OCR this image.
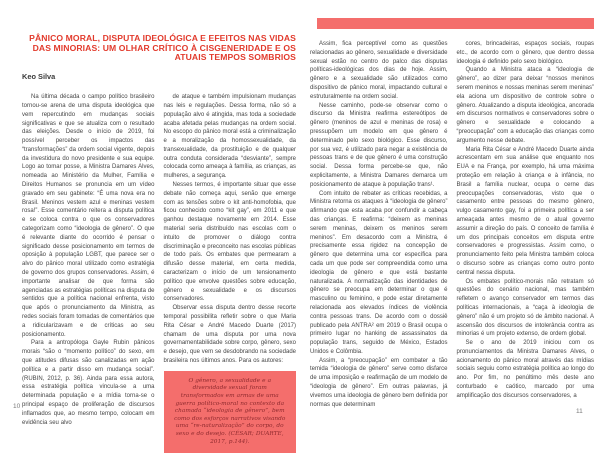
PÂNICO MORAL, DISPUTA IDEOLÓGICA E EFEITOS NAS VIDAS DAS MINORIAS: UM OLHAR CRÍTICO À CISGENERIDADE E OS ATUAIS TEMPOS SOMBRIOS
Keo Silva

Na última década o campo político brasileiro tornou-se arena de uma disputa ideológica que vem repercutindo em mudanças sociais significativas e que se atualiza com o resultado das eleições. Desde o início de 2019, foi possível perceber os impactos das “transformações” da ordem social vigente, depois da investidura do novo presidente e sua equipe. Logo ao tomar posse, a Ministra Damares Alves, nomeada ao Ministério da Mulher, Família e Direitos Humanos se pronuncia em um vídeo gravado em seu gabinete: “É uma nova era no Brasil. Meninos vestem azul e meninas vestem rosa!”. Esse comentário reitera a disputa política e se coloca contra o que os conservadores categorizam como “ideologia de gênero”. O que é relevante diante do ocorrido é pensar o significado desse posicionamento em termos de oposição à população LGBT, que parece ser o alvo do pânico moral utilizado como estratégia de governo dos grupos conservadores. Assim, é importante analisar de que forma são agenciadas as estratégias políticas na disputa de sentidos que a política nacional enfrenta, visto que após o pronunciamento da Ministra, as redes sociais foram tomadas de comentários que a ridicularizavam e de críticas ao seu posicionamento.

Para a antropóloga Gayle Rubin pânicos morais “são o “momento político” do sexo, em que atitudes difusas são canalizadas em ação política e a partir disso em mudança social”. (RUBIN, 2012, p. 36). Ainda para essa autora, essa estratégia política vincula-se a uma determinada população e a mídia torna-se o principal espaço de proliferação de discursos inflamados que, ao mesmo tempo, colocam em evidência seu alvo

de ataque e também impulsionam mudanças nas leis e regulações. Dessa forma, não só a população alvo é atingida, mas toda a sociedade acaba afetada pelas mudanças na ordem social. No escopo do pânico moral está a criminalização e a moralização da homossexualidade, da transexualidade, da prostituição e de qualquer outra conduta considerada “desviante”, sempre colocada como ameaça à família, as crianças, as mulheres, a segurança.

Nesses termos, é importante situar que esse debate não começa aqui, senão que emerge com as tensões sobre o kit anti-homofobia, que ficou conhecido como “kit gay”, em 2011 e que ganhou destaque novamente em 2014. Esse material seria distribuído nas escolas com o intuito de promover o diálogo contra discriminação e preconceito nas escolas públicas de todo país. Os embates que permearam a difusão desse material, em certa medida, caracterizam o início de um tensionamento político que envolve questões sobre educação, gênero e sexualidade e os discursos conservadores.

Observar essa disputa dentro desse recorte temporal possibilita refletir sobre o que Maria Rita César e André Macedo Duarte (2017) chamam de uma disputa por uma nova governamentabilidade sobre corpo, gênero, sexo e desejo, que vem se desdobrando na sociedade brasileira nos últimos anos. Para os autores:

O gênero, a sexualidade e a diversidade sexual foram transformados em armas de uma guerra político-moral no contexto da chamada “ideologia de gênero”, bem como dos esforços narrativos visando uma “re-naturalização” do corpo, do sexo e do desejo. (CÉSAR; DUARTE, 2017, p.144).

Assim, fica perceptível como as questões relacionadas ao gênero, sexualidade e diversidade sexual estão no centro do palco das disputas políticas-ideológicas dos dias de hoje. Assim, gênero e a sexualidade são utilizados como dispositivo de pânico moral, impactando cultural e estruturalmente na ordem social.

Nesse caminho, pode-se observar como o discurso da Ministra reafirma estereótipos de gênero (meninos de azul e meninas de rosa) e pressupõem um modelo em que gênero é determinado pelo sexo biológico. Esse discurso, por sua vez, é utilizado para negar a existência de pessoas trans e de que gênero é uma construção social. Dessa forma percebe-se que, não explicitamente, a Ministra Damares demarca um posicionamento de ataque à população trans¹.

Com intuito de rebater as críticas recebidas, a Ministra retorna os ataques à “ideologia de gênero” afirmando que esta acaba por confundir a cabeça das crianças. E reafirma: “deixem as meninas serem meninas, deixem os meninos serem meninos”. Em desacordo com a Ministra, é precisamente essa rigidez na concepção de gênero que determina uma cor específica para cada um que pode ser compreendida como uma ideologia de gênero e que está bastante naturalizada. A normatização das identidades de gênero se preocupa em determinar o que é masculino ou feminino, e pode estar diretamente relacionada aos elevados índices de violência contra pessoas trans. De acordo com o dossiê publicado pela ANTRA² em 2019 o Brasil ocupa o primeiro lugar no hanking de assassinatos da população trans, seguido de México, Estados Unidos e Colômbia.

Assim, a “preocupação” em combater a tão temida “ideologia de gênero” serve como disfarce de uma imposição e reafirmação de um modelo de “ideologia de gênero”. Em outras palavras, já vivemos uma ideologia de gênero bem definida por normas que determinam

cores, brincadeiras, espaços sociais, roupas etc., de acordo com o gênero, que dentro dessa ideologia é definido pelo sexo biológico.

Quando a Ministra ataca a “ideologia de gênero”, ao dizer para deixar “nossos meninos serem meninos e nossas meninas serem meninas” ela aciona um dispositivo de controle sobre o gênero. Atualizando a disputa ideológica, ancorada em discursos normativos e conservadores sobre o gênero e sexualidade e colocando a “preocupação” com a educação das crianças como argumento nesse debate.

Maria Rita César e André Macedo Duarte ainda acrescentam em sua análise que enquanto nos EUA e na França, por exemplo, há uma máxima proteção em relação à criança e à infância, no Brasil a família nuclear, ocupa o cerne das preocupações conservadoras, visto que o casamento entre pessoas do mesmo gênero, vulgo casamento gay, foi a primeira política a ser ameaçada antes mesmo de o atual governo assumir a direção do país. O conceito de família é um dos principais conceitos em disputa entre conservadores e progressistas. Assim como, o pronunciamento feito pela Ministra também coloca o discurso sobre as crianças como outro ponto central nessa disputa.

Os embates político-morais não retratam só questões do cenário nacional, mas também refletem o avanço conservador em termos das políticas internacionais, a “caça à ideologia de gênero” não é um projeto só de âmbito nacional. A ascensão dos discursos de intolerância contra as minorias é um projeto extenso, de ordem global.

Se o ano de 2019 iniciou com os pronunciamentos da Ministra Damares Alves, o acionamento do pânico moral através das mídias sociais seguiu como estratégia política ao longo do ano. Por fim, no penúltimo mês deste ano conturbado e caótico, marcado por uma amplificação dos discursos conservadores, a

10
11
